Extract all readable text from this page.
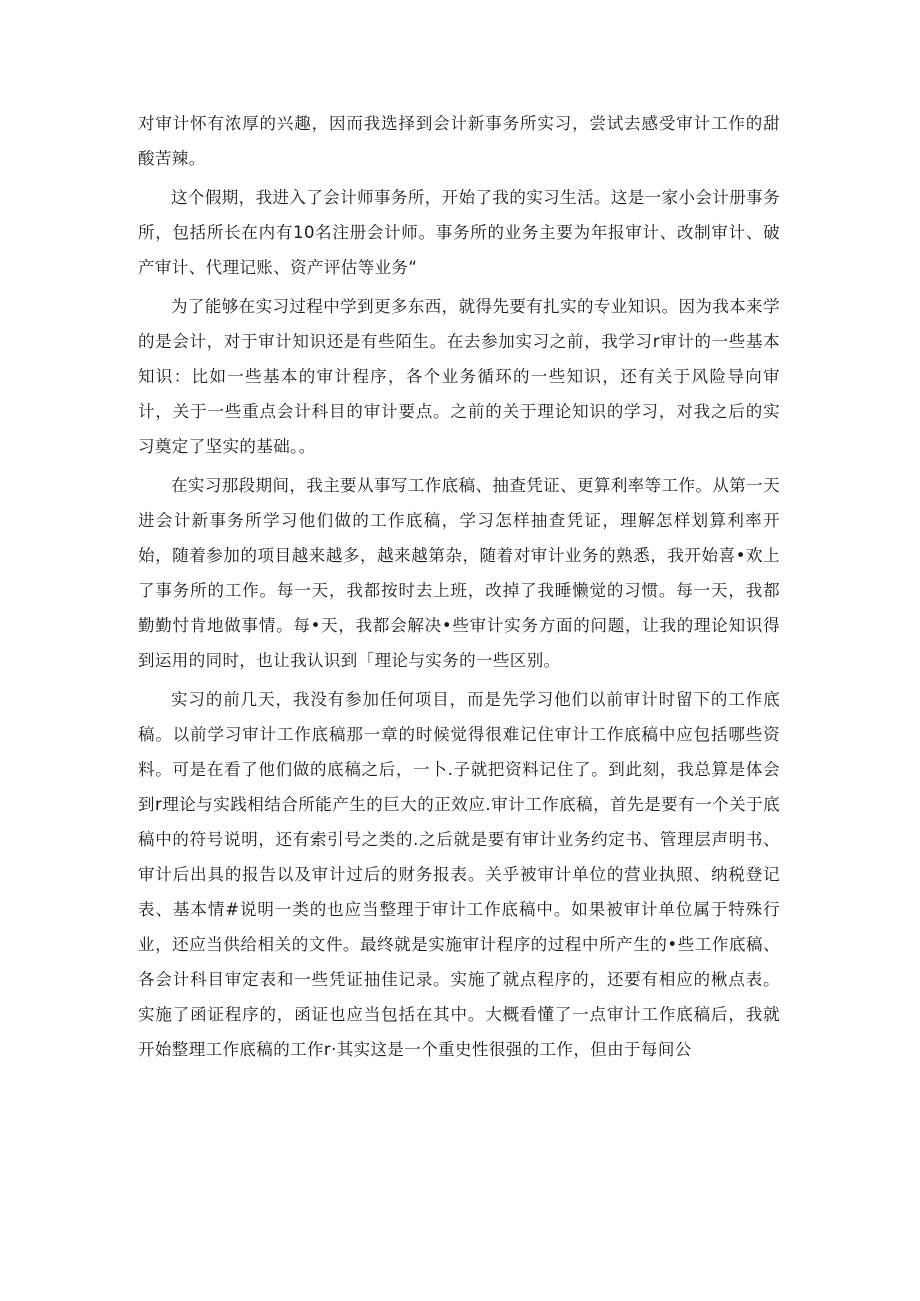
对审计怀有浓厚的兴趣，因而我选择到会计新事务所实习，尝试去感受审计工作的甜酸苦辣。

这个假期，我进入了会计师事务所，开始了我的实习生活。这是一家小会计册事务所，包括所长在内有10名注册会计师。事务所的业务主要为年报审计、改制审计、破产审计、代理记账、资产评估等业务“

为了能够在实习过程中学到更多东西，就得先要有扎实的专业知识。因为我本来学的是会计，对于审计知识还是有些陌生。在去参加实习之前，我学习r审计的一些基本知识：比如一些基本的审计程序，各个业务循环的一些知识，还有关于风险导向审计，关于一些重点会计科目的审计要点。之前的关于理论知识的学习，对我之后的实习奠定了坚实的基础。。

在实习那段期间，我主要从事写工作底稿、抽查凭证、更算利率等工作。从第一天进会计新事务所学习他们做的工作底稿，学习怎样抽查凭证，理解怎样划算利率开始，随着参加的项目越来越多，越来越第杂，随着对审计业务的熟悉，我开始喜•欢上了事务所的工作。每一天，我都按时去上班，改掉了我睡懒觉的习惯。每一天，我都勤勤忖肯地做事情。每•天，我都会解决•些审计实务方面的问题，让我的理论知识得到运用的同时，也让我认识到「理论与实务的一些区别。

实习的前几天，我没有参加任何项目，而是先学习他们以前审计时留下的工作底稿。以前学习审计工作底稿那一章的时候觉得很难记住审计工作底稿中应包括哪些资料。可是在看了他们做的底稿之后，一卜.子就把资料记住了。到此刻，我总算是体会到r理论与实践相结合所能产生的巨大的正效应.审计工作底稿，首先是要有一个关于底稿中的符号说明，还有索引号之类的.之后就是要有审计业务约定书、管理层声明书、审计后出具的报告以及审计过后的财务报表。关乎被审计单位的营业执照、纳税登记表、基本情#说明一类的也应当整理于审计工作底稿中。如果被审计单位属于特殊行业，还应当供给相关的文件。最终就是实施审计程序的过程中所产生的•些工作底稿、各会计科目审定表和一些凭证抽佳记录。实施了就点程序的，还要有相应的楸点表。实施了函证程序的，函证也应当包括在其中。大概看懂了一点审计工作底稿后，我就开始整理工作底稿的工作r·其实这是一个重史性很强的工作，但由于每间公
